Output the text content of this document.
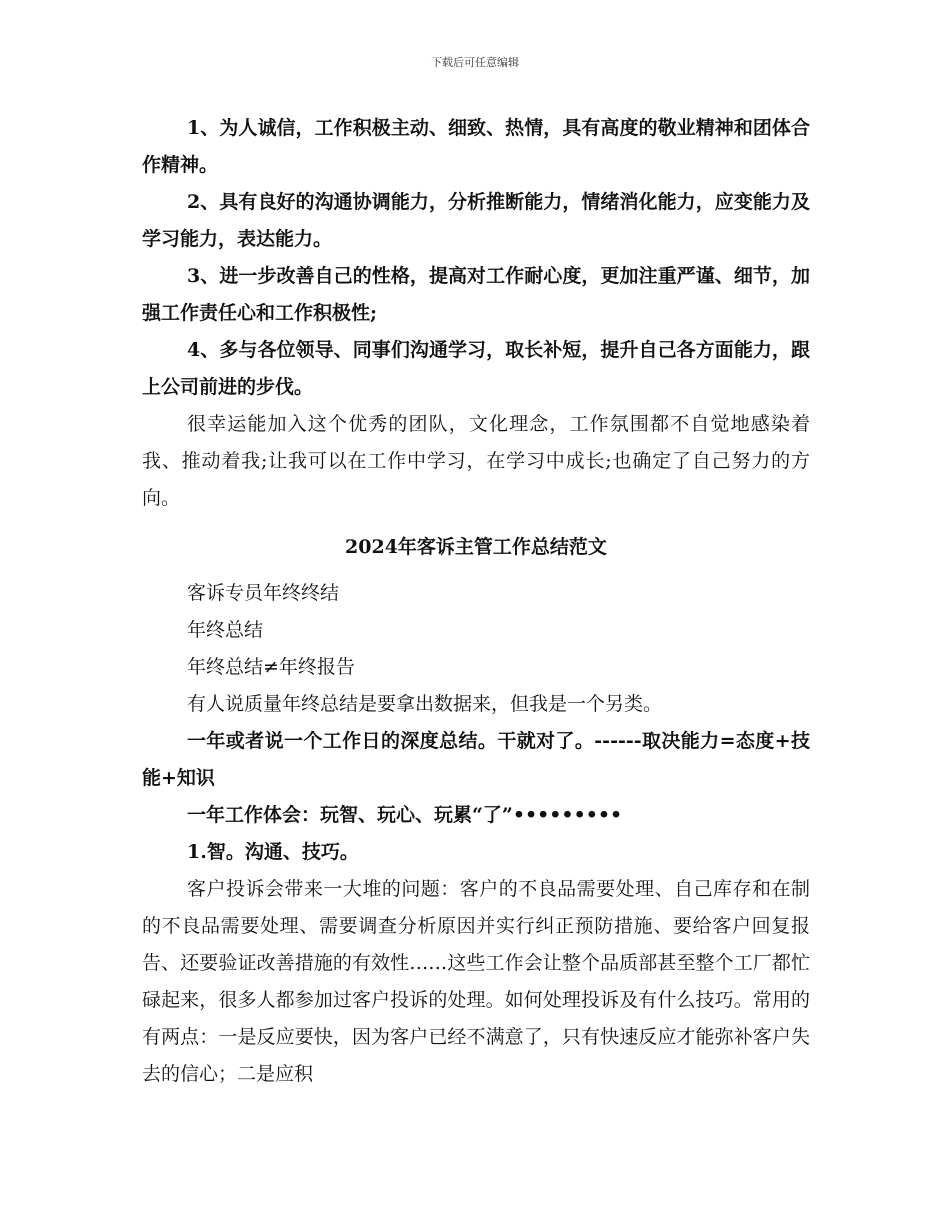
下载后可任意编辑

1、为人诚信，工作积极主动、细致、热情，具有高度的敬业精神和团体合作精神。

2、具有良好的沟通协调能力，分析推断能力，情绪消化能力，应变能力及学习能力，表达能力。

3、进一步改善自己的性格，提高对工作耐心度，更加注重严谨、细节，加强工作责任心和工作积极性;

4、多与各位领导、同事们沟通学习，取长补短，提升自己各方面能力，跟上公司前进的步伐。

很幸运能加入这个优秀的团队，文化理念，工作氛围都不自觉地感染着我、推动着我;让我可以在工作中学习，在学习中成长;也确定了自己努力的方向。

2024年客诉主管工作总结范文

客诉专员年终终结

年终总结

年终总结≠年终报告

有人说质量年终总结是要拿出数据来，但我是一个另类。

一年或者说一个工作日的深度总结。干就对了。------取决能力=态度+技能+知识

一年工作体会：玩智、玩心、玩累“了”•••••••••

1.智。沟通、技巧。

客户投诉会带来一大堆的问题：客户的不良品需要处理、自己库存和在制的不良品需要处理、需要调查分析原因并实行纠正预防措施、要给客户回复报告、还要验证改善措施的有效性……这些工作会让整个品质部甚至整个工厂都忙碌起来，很多人都参加过客户投诉的处理。如何处理投诉及有什么技巧。常用的有两点：一是反应要快，因为客户已经不满意了，只有快速反应才能弥补客户失去的信心；二是应积
